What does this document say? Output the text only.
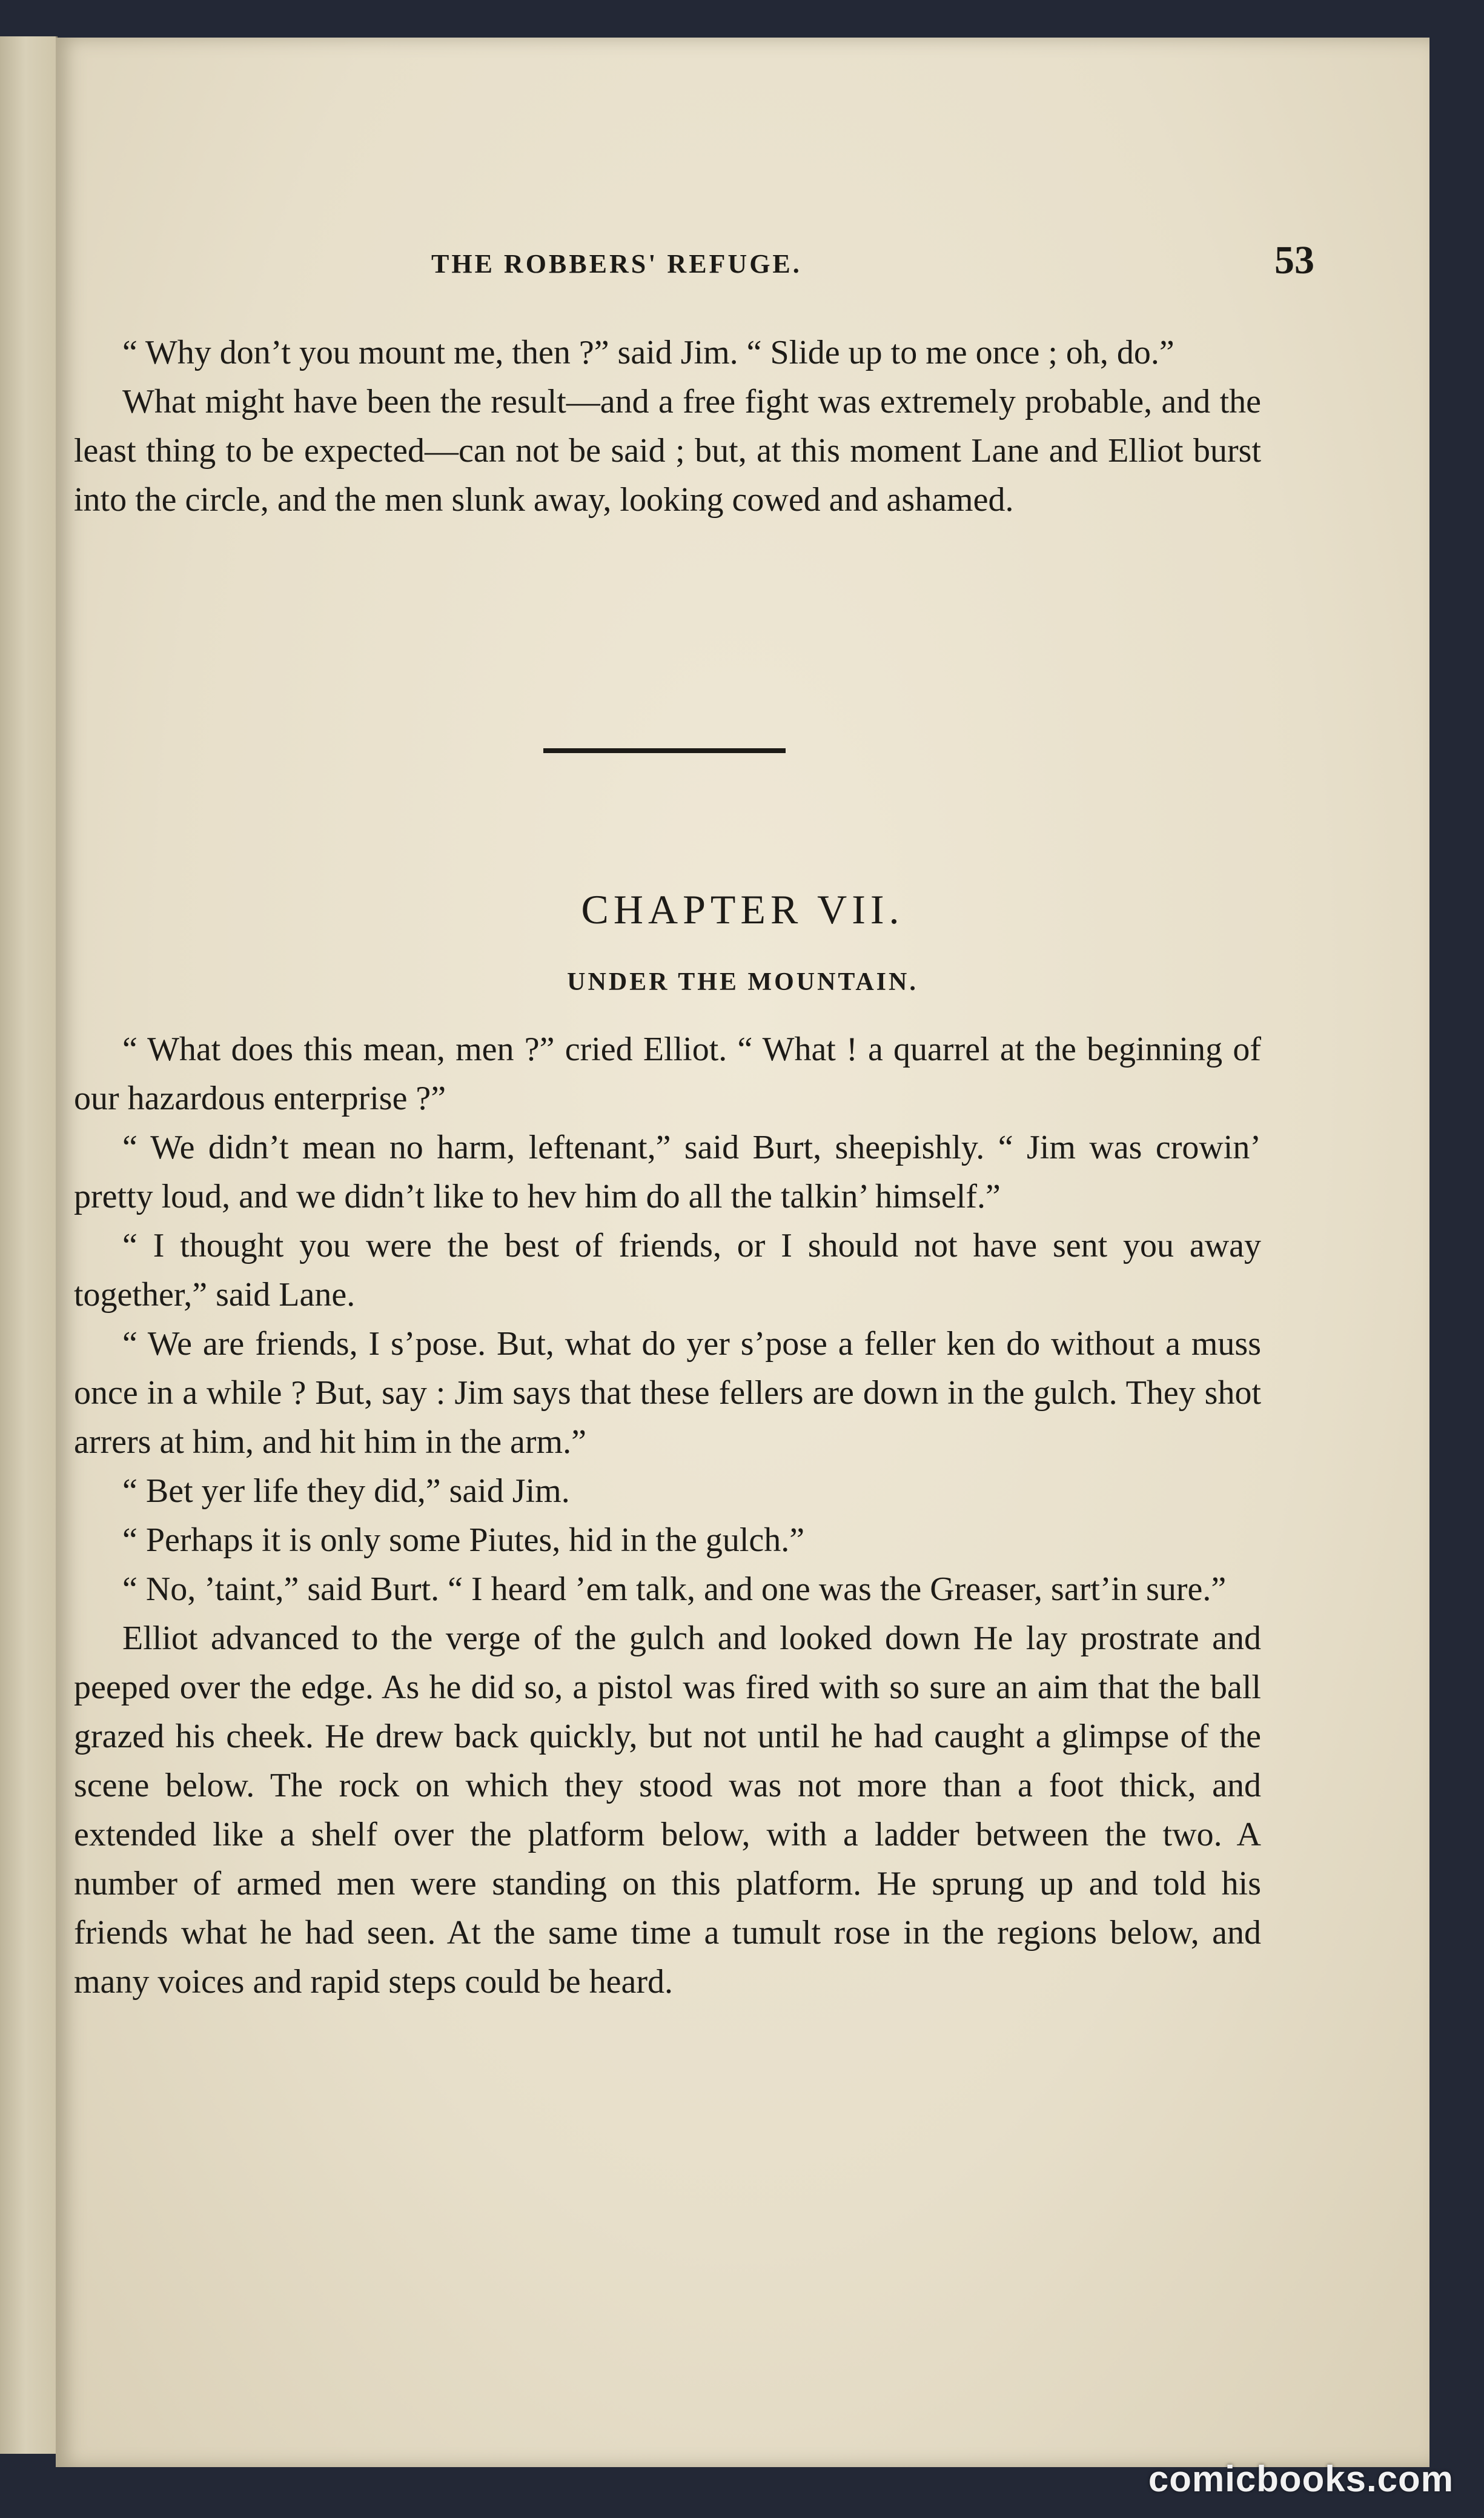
THE ROBBERS' REFUGE.	53

“ Why don’t you mount me, then ?” said Jim. “ Slide up to me once ; oh, do.”

What might have been the result—and a free fight was extremely probable, and the least thing to be expected—can not be said ; but, at this moment Lane and Elliot burst into the circle, and the men slunk away, looking cowed and ashamed.

CHAPTER VII.
UNDER THE MOUNTAIN.

“ What does this mean, men ?” cried Elliot. “ What ! a quarrel at the beginning of our hazardous enterprise ?”

“ We didn’t mean no harm, leftenant,” said Burt, sheepishly. “ Jim was crowin’ pretty loud, and we didn’t like to hev him do all the talkin’ himself.”

“ I thought you were the best of friends, or I should not have sent you away together,” said Lane.

“ We are friends, I s’pose. But, what do yer s’pose a feller ken do without a muss once in a while ? But, say : Jim says that these fellers are down in the gulch. They shot arrers at him, and hit him in the arm.”

“ Bet yer life they did,” said Jim.

“ Perhaps it is only some Piutes, hid in the gulch.”

“ No, ’taint,” said Burt. “ I heard ’em talk, and one was the Greaser, sart’in sure.”

Elliot advanced to the verge of the gulch and looked down He lay prostrate and peeped over the edge. As he did so, a pistol was fired with so sure an aim that the ball grazed his cheek. He drew back quickly, but not until he had caught a glimpse of the scene below. The rock on which they stood was not more than a foot thick, and extended like a shelf over the platform below, with a ladder between the two. A number of armed men were standing on this platform. He sprung up and told his friends what he had seen. At the same time a tumult rose in the regions below, and many voices and rapid steps could be heard.

comicbooks.com
